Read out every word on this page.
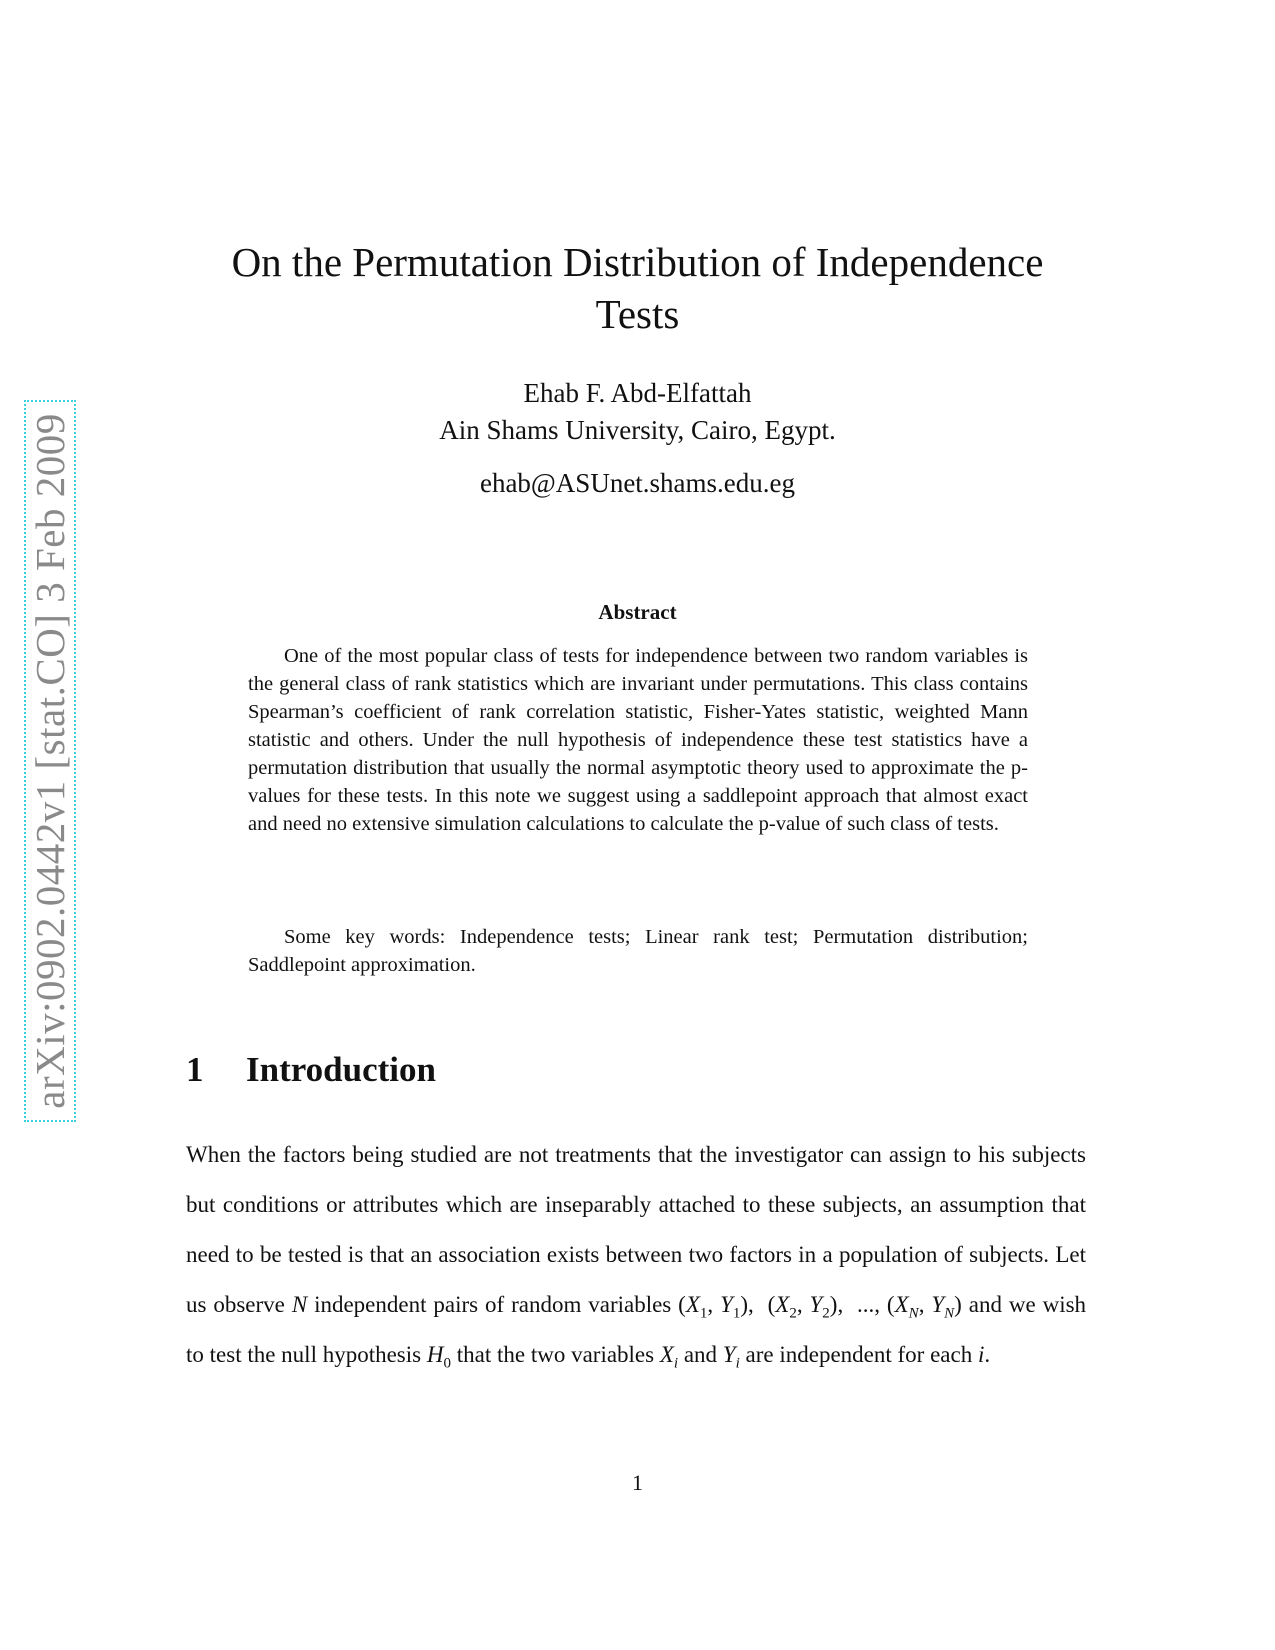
arXiv:0902.0442v1 [stat.CO] 3 Feb 2009
On the Permutation Distribution of Independence
Tests
Ehab F. Abd-Elfattah
Ain Shams University, Cairo, Egypt.
ehab@ASUnet.shams.edu.eg
Abstract

One of the most popular class of tests for independence between two random variables is the general class of rank statistics which are invariant under permutations. This class contains Spearman’s coefficient of rank correlation statistic, Fisher-Yates statistic, weighted Mann statistic and others. Under the null hypothesis of independence these test statistics have a permutation distribution that usually the normal asymptotic theory used to approximate the p-values for these tests. In this note we suggest using a saddlepoint approach that almost exact and need no extensive simulation calculations to calculate the p-value of such class of tests.

Some key words: Independence tests; Linear rank test; Permutation distribution; Saddlepoint approximation.

1 Introduction

When the factors being studied are not treatments that the investigator can assign to his subjects but conditions or attributes which are inseparably attached to these subjects, an assumption that need to be tested is that an association exists between two factors in a population of subjects. Let us observe N independent pairs of random variables ($X_1$, $Y_1$),  ($X_2$, $Y_2$),  ..., ($X_N$, $Y_N$) and we wish to test the null hypothesis $H_0$ that the two variables $X_i$ and $Y_i$ are independent for each i.

1
